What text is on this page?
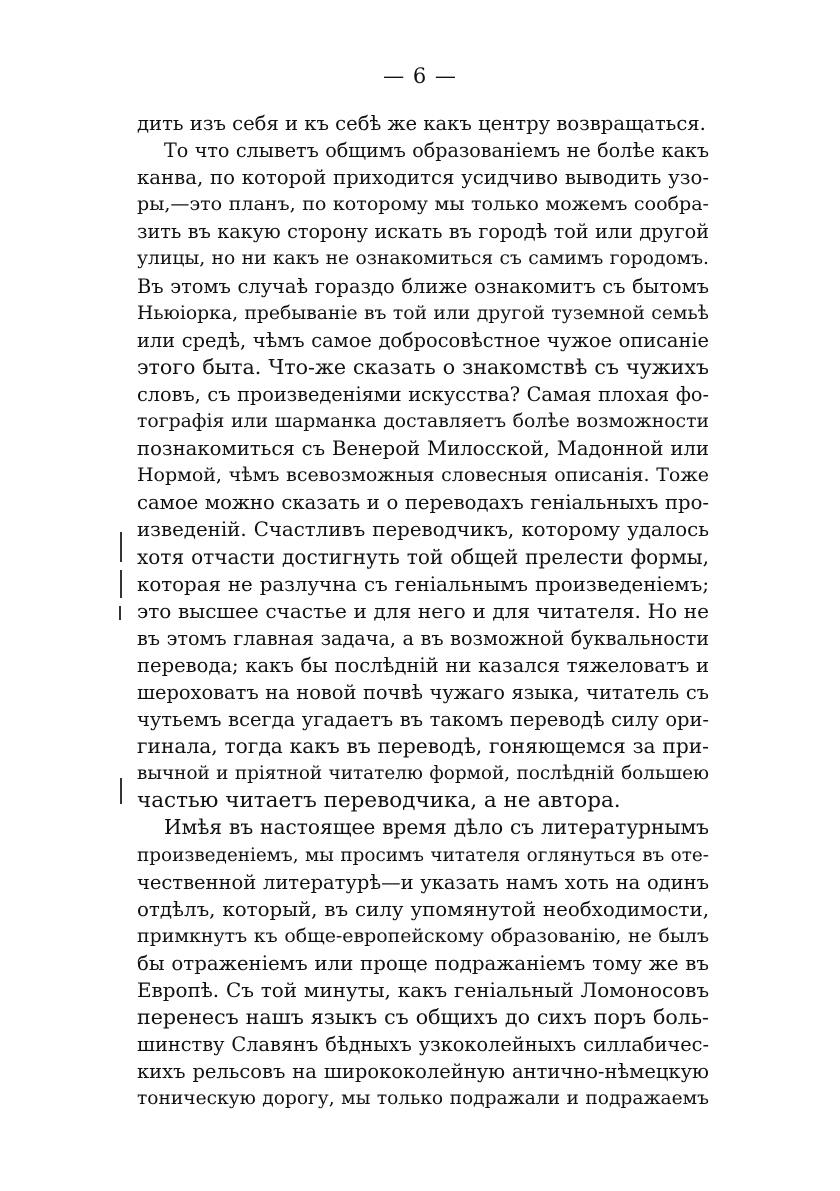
— 6 —
дить изъ себя и къ себѣ же какъ центру возвращаться.
То что слыветъ общимъ образованіемъ не болѣе какъ
канва, по которой приходится усидчиво выводить узо-
ры,—это планъ, по которому мы только можемъ сообра-
зить въ какую сторону искать въ городѣ той или другой
улицы, но ни какъ не ознакомиться съ самимъ городомъ.
Въ этомъ случаѣ гораздо ближе ознакомитъ съ бытомъ
Ньюіорка, пребываніе въ той или другой туземной семьѣ
или средѣ, чѣмъ самое добросовѣстное чужое описаніе
этого быта. Что-же сказать о знакомствѣ съ чужихъ
словъ, съ произведеніями искусства? Самая плохая фо-
тографія или шарманка доставляетъ болѣе возможности
познакомиться съ Венерой Милосской, Мадонной или
Нормой, чѣмъ всевозможныя словесныя описанія. Тоже
самое можно сказать и о переводахъ геніальныхъ про-
изведеній. Счастливъ переводчикъ, которому удалось
хотя отчасти достигнуть той общей прелести формы,
которая не разлучна съ геніальнымъ произведеніемъ;
это высшее счастье и для него и для читателя. Но не
въ этомъ главная задача, а въ возможной буквальности
перевода; какъ бы послѣдній ни казался тяжеловатъ и
шероховатъ на новой почвѣ чужаго языка, читатель съ
чутьемъ всегда угадаетъ въ такомъ переводѣ силу ори-
гинала, тогда какъ въ переводѣ, гоняющемся за при-
вычной и пріятной читателю формой, послѣдній большею
частью читаетъ переводчика, а не автора.
Имѣя въ настоящее время дѣло съ литературнымъ
произведеніемъ, мы просимъ читателя оглянуться въ оте-
чественной литературѣ—и указать намъ хоть на одинъ
отдѣлъ, который, въ силу упомянутой необходимости,
примкнутъ къ обще-европейскому образованію, не былъ
бы отраженіемъ или проще подражаніемъ тому же въ
Европѣ. Съ той минуты, какъ геніальный Ломоносовъ
перенесъ нашъ языкъ съ общихъ до сихъ поръ боль-
шинству Славянъ бѣдныхъ узкоколейныхъ силлабичес-
кихъ рельсовъ на ширококолейную антично-нѣмецкую
тоническую дорогу, мы только подражали и подражаемъ
